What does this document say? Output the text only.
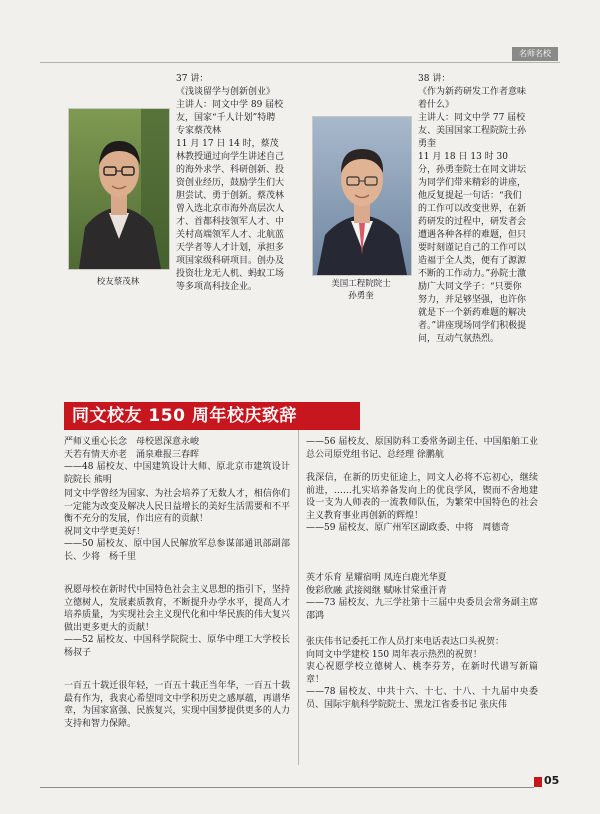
名师名校
校友蔡茂林
37 讲：
《浅谈留学与创新创业》
主讲人：同文中学 89 届校友，国家“千人计划”特聘专家蔡茂林
11 月 17 日 14 时，蔡茂林教授通过向学生讲述自己的海外求学、科研创新、投资创业经历，鼓励学生们大胆尝试、勇于创新。蔡茂林曾入选北京市海外高层次人才、首都科技领军人才、中关村高端领军人才、北航蓝天学者等人才计划，承担多项国家级科研项目。创办及投资壮龙无人机、蚂蚁工场等多项高科技企业。	美国工程院院士
孙勇奎
38 讲：
《作为新药研发工作者意味着什么》
主讲人：同文中学 77 届校友、美国国家工程院院士孙勇奎
11 月 18 日 13 时 30 分，孙勇奎院士在同文讲坛为同学们带来精彩的讲座，他反复提起一句话：“我们的工作可以改变世界，在新药研发的过程中，研发者会遭遇各种各样的难题，但只要时刻谨记自己的工作可以造福于全人类，便有了源源不断的工作动力。”孙院士激励广大同文学子：“只要你努力，并足够坚强，也许你就是下一个新药难题的解决者。”讲座现场同学们积极提问，互动气氛热烈。
同文校友 150 周年校庆致辞
严师义重心长念　母校恩深意永峻
天若有情天亦老　涌泉难报三春晖
——48 届校友、中国建筑设计大师、原北京市建筑设计院院长 熊明
同文中学曾经为国家、为社会培养了无数人才，相信你们一定能为改变及解决人民日益增长的美好生活需要和不平衡不充分的发展，作出应有的贡献！
祝同文中学更美好！
——50 届校友、原中国人民解放军总参谋部通讯部副部长、少将　杨千里
祝愿母校在新时代中国特色社会主义思想的指引下，坚持立德树人，发展素质教育，不断提升办学水平，提高人才培养质量，为实现社会主义现代化和中华民族的伟大复兴做出更多更大的贡献！
——52 届校友、中国科学院院士、原华中理工大学校长 杨叔子
一百五十载迁很年轻，一百五十载正当年华，一百五十载最有作为，我衷心希望同文中学积历史之感厚蕴，再谱华章，为国家富强、民族复兴，实现中国梦提供更多的人力支持和智力保障。
——56 届校友、原国防科工委常务副主任、中国船舶工业总公司原党组书记、总经理 徐鹏航
我深信，在新的历史征途上，同文人必将不忘初心，继续前进，……扎实培养备发向上的优良学风，锲而不舍地建设一支为人师表的一流教师队伍，为繁荣中国特色的社会主义教育事业再创新的辉煌！
——59 届校友、原广州军区副政委、中将　周德奇
英才乐育 星耀宿明 凤连白鹿光华夏
俊彩欣融 武接阅继 赋咏甘棠重汗青
——73 届校友、九三学社第十三届中央委员会常务副主席　邵鸿
张庆伟书记委托工作人员打来电话表达口头祝贺：
向同文中学建校 150 周年表示热烈的祝贺！
衷心祝愿学校立德树人、桃李芬芳，在新时代谱写新篇章！
——78 届校友、中共十六、十七、十八、十九届中央委员、国际宇航科学院院士、黑龙江省委书记 张庆伟
05
